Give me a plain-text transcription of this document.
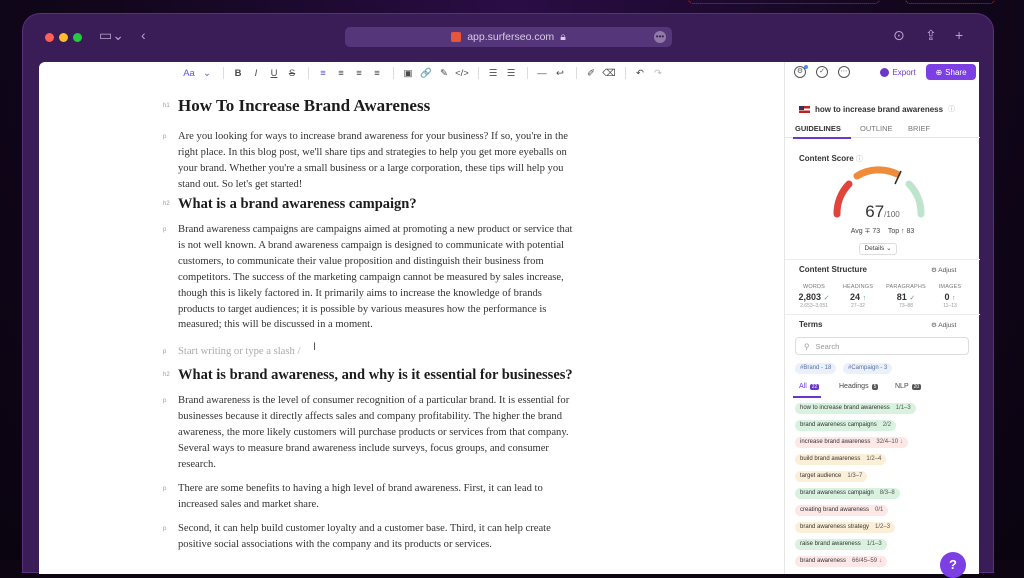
▭⌄ ‹	app.surferseo.com 🔒︎	•••	⊙ ⇪ +
Aa ⌄	B	I	U	S	≡	≡	≡	≡	▣ 🔗 ✎ </>	☰ ☰	— ↩	✐ ⌫	↶	↷
h1 How To Increase Brand Awareness
p Are you looking for ways to increase brand awareness for your business? If so, you're in the right place. In this blog post, we'll share tips and strategies to help you get more eyeballs on your brand. Whether you're a small business or a large corporation, these tips will help you stand out. So let's get started!
h2 What is a brand awareness campaign?
p Brand awareness campaigns are campaigns aimed at promoting a new product or service that is not well known. A brand awareness campaign is designed to communicate with potential customers, to communicate their value proposition and distinguish their business from competitors. The success of the marketing campaign cannot be measured by sales increase, though this is likely factored in. It primarily aims to increase the knowledge of brands products to target audiences; it is possible by various measures how the performance is measured; this will be discussed in a moment.
p Start writing or type a slash /	I
h2 What is brand awareness, and why is it essential for businesses?
p Brand awareness is the level of consumer recognition of a particular brand. It is essential for businesses because it directly affects sales and company profitability. The higher the brand awareness, the more likely customers will purchase products or services from that company. Several ways to measure brand awareness include surveys, focus groups, and consumer research.
p There are some benefits to having a high level of brand awareness. First, it can lead to increased sales and market share.
p Second, it can help build customer loyalty and a customer base. Third, it can help create positive social associations with the company and its products or services.
⚙	✓	⋯	Export ⊕ Share
how to increase brand awareness ⓘ
GUIDELINES	OUTLINE BRIEF
Content Score ⓘ
67/100
Avg ∓ 73 Top ↑ 83
Details ⌄
Content Structure	⚙︎ Adjust
WORDS
2,803 ✓
2,653–3,051
HEADINGS
24 ↑
27–32
PARAGRAPHS
81 ✓
73–88
IMAGES
0 ↑
11–13
Terms	⚙︎ Adjust
⚲ Search
#Brand - 18	#Campaign - 3
All	22	Headings	5	NLP	20
how to increase brand awareness 1/1–3
brand awareness campaigns 2/2
increase brand awareness 32/4–10 ↓
build brand awareness 1/2–4
target audience 1/3–7
brand awareness campaign 8/3–8
creating brand awareness 0/1
brand awareness strategy 1/2–3
raise brand awareness 1/1–3
brand awareness 66/45–59 ↓	?
